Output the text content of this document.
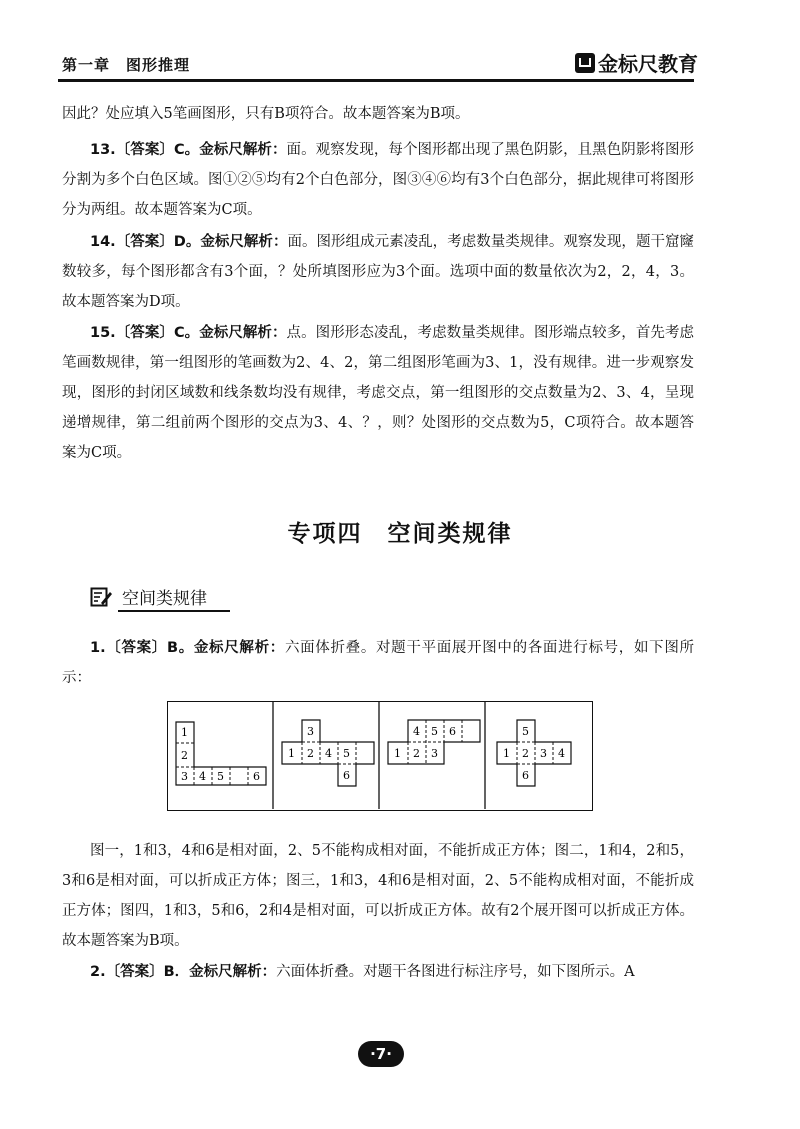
第一章　图形推理	金标尺教育
因此？处应填入5笔画图形，只有B项符合。故本题答案为B项。
13.〔答案〕C。金标尺解析：面。观察发现，每个图形都出现了黑色阴影，且黑色阴影将图形分割为多个白色区域。图①②⑤均有2个白色部分，图③④⑥均有3个白色部分，据此规律可将图形分为两组。故本题答案为C项。
14.〔答案〕D。金标尺解析：面。图形组成元素凌乱，考虑数量类规律。观察发现，题干窟窿数较多，每个图形都含有3个面，？处所填图形应为3个面。选项中面的数量依次为2，2，4，3。故本题答案为D项。
15.〔答案〕C。金标尺解析：点。图形形态凌乱，考虑数量类规律。图形端点较多，首先考虑笔画数规律，第一组图形的笔画数为2、4、2，第二组图形笔画为3、1，没有规律。进一步观察发现，图形的封闭区域数和线条数均没有规律，考虑交点，第一组图形的交点数量为2、3、4，呈现递增规律，第二组前两个图形的交点为3、4、？，则？处图形的交点数为5，C项符合。故本题答案为C项。
专项四　空间类规律
空间类规律
1.〔答案〕B。金标尺解析：六面体折叠。对题干平面展开图中的各面进行标号，如下图所示：
1
2
3 4 5	6
3
1 2 4 5
6
4 5 6
1 2 3
5
1 2 3 4
6
图一，1和3，4和6是相对面，2、5不能构成相对面，不能折成正方体；图二，1和4，2和5，3和6是相对面，可以折成正方体；图三，1和3，4和6是相对面，2、5不能构成相对面，不能折成正方体；图四，1和3，5和6，2和4是相对面，可以折成正方体。故有2个展开图可以折成正方体。故本题答案为B项。
2.〔答案〕B．金标尺解析：六面体折叠。对题干各图进行标注序号，如下图所示。A
·7·
